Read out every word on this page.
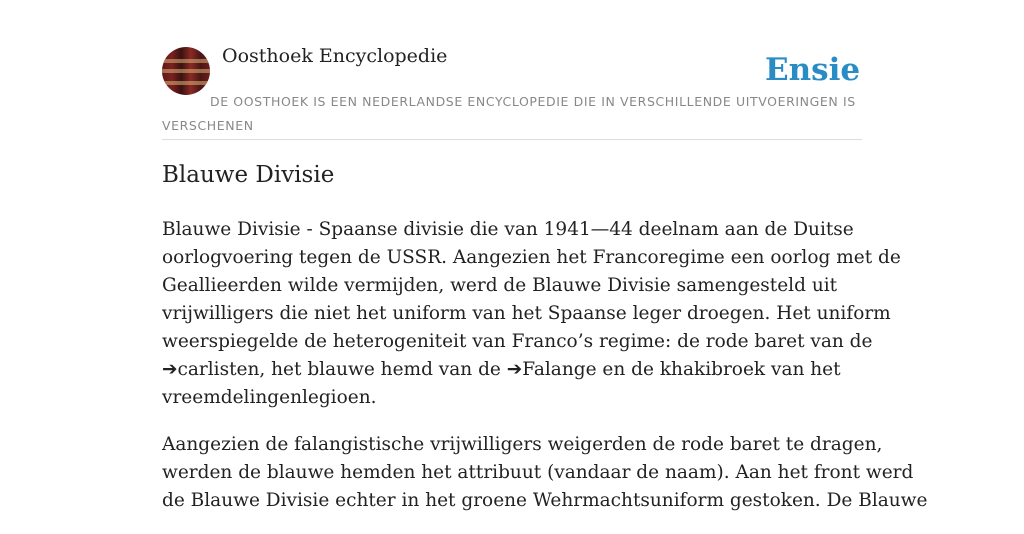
Oosthoek Encyclopedie	Ensie
DE OOSTHOEK IS EEN NEDERLANDSE ENCYCLOPEDIE DIE IN VERSCHILLENDE UITVOERINGEN IS VERSCHENEN
Blauwe Divisie

Blauwe Divisie - Spaanse divisie die van 1941—44 deelnam aan de Duitse
oorlogvoering tegen de USSR. Aangezien het Francoregime een oorlog met de
Geallieerden wilde vermijden, werd de Blauwe Divisie samengesteld uit
vrijwilligers die niet het uniform van het Spaanse leger droegen. Het uniform
weerspiegelde de heterogeniteit van Franco’s regime: de rode baret van de
➔carlisten, het blauwe hemd van de ➔Falange en de khakibroek van het
vreemdelingenlegioen.

Aangezien de falangistische vrijwilligers weigerden de rode baret te dragen,
werden de blauwe hemden het attribuut (vandaar de naam). Aan het front werd
de Blauwe Divisie echter in het groene Wehrmachtsuniform gestoken. De Blauwe
